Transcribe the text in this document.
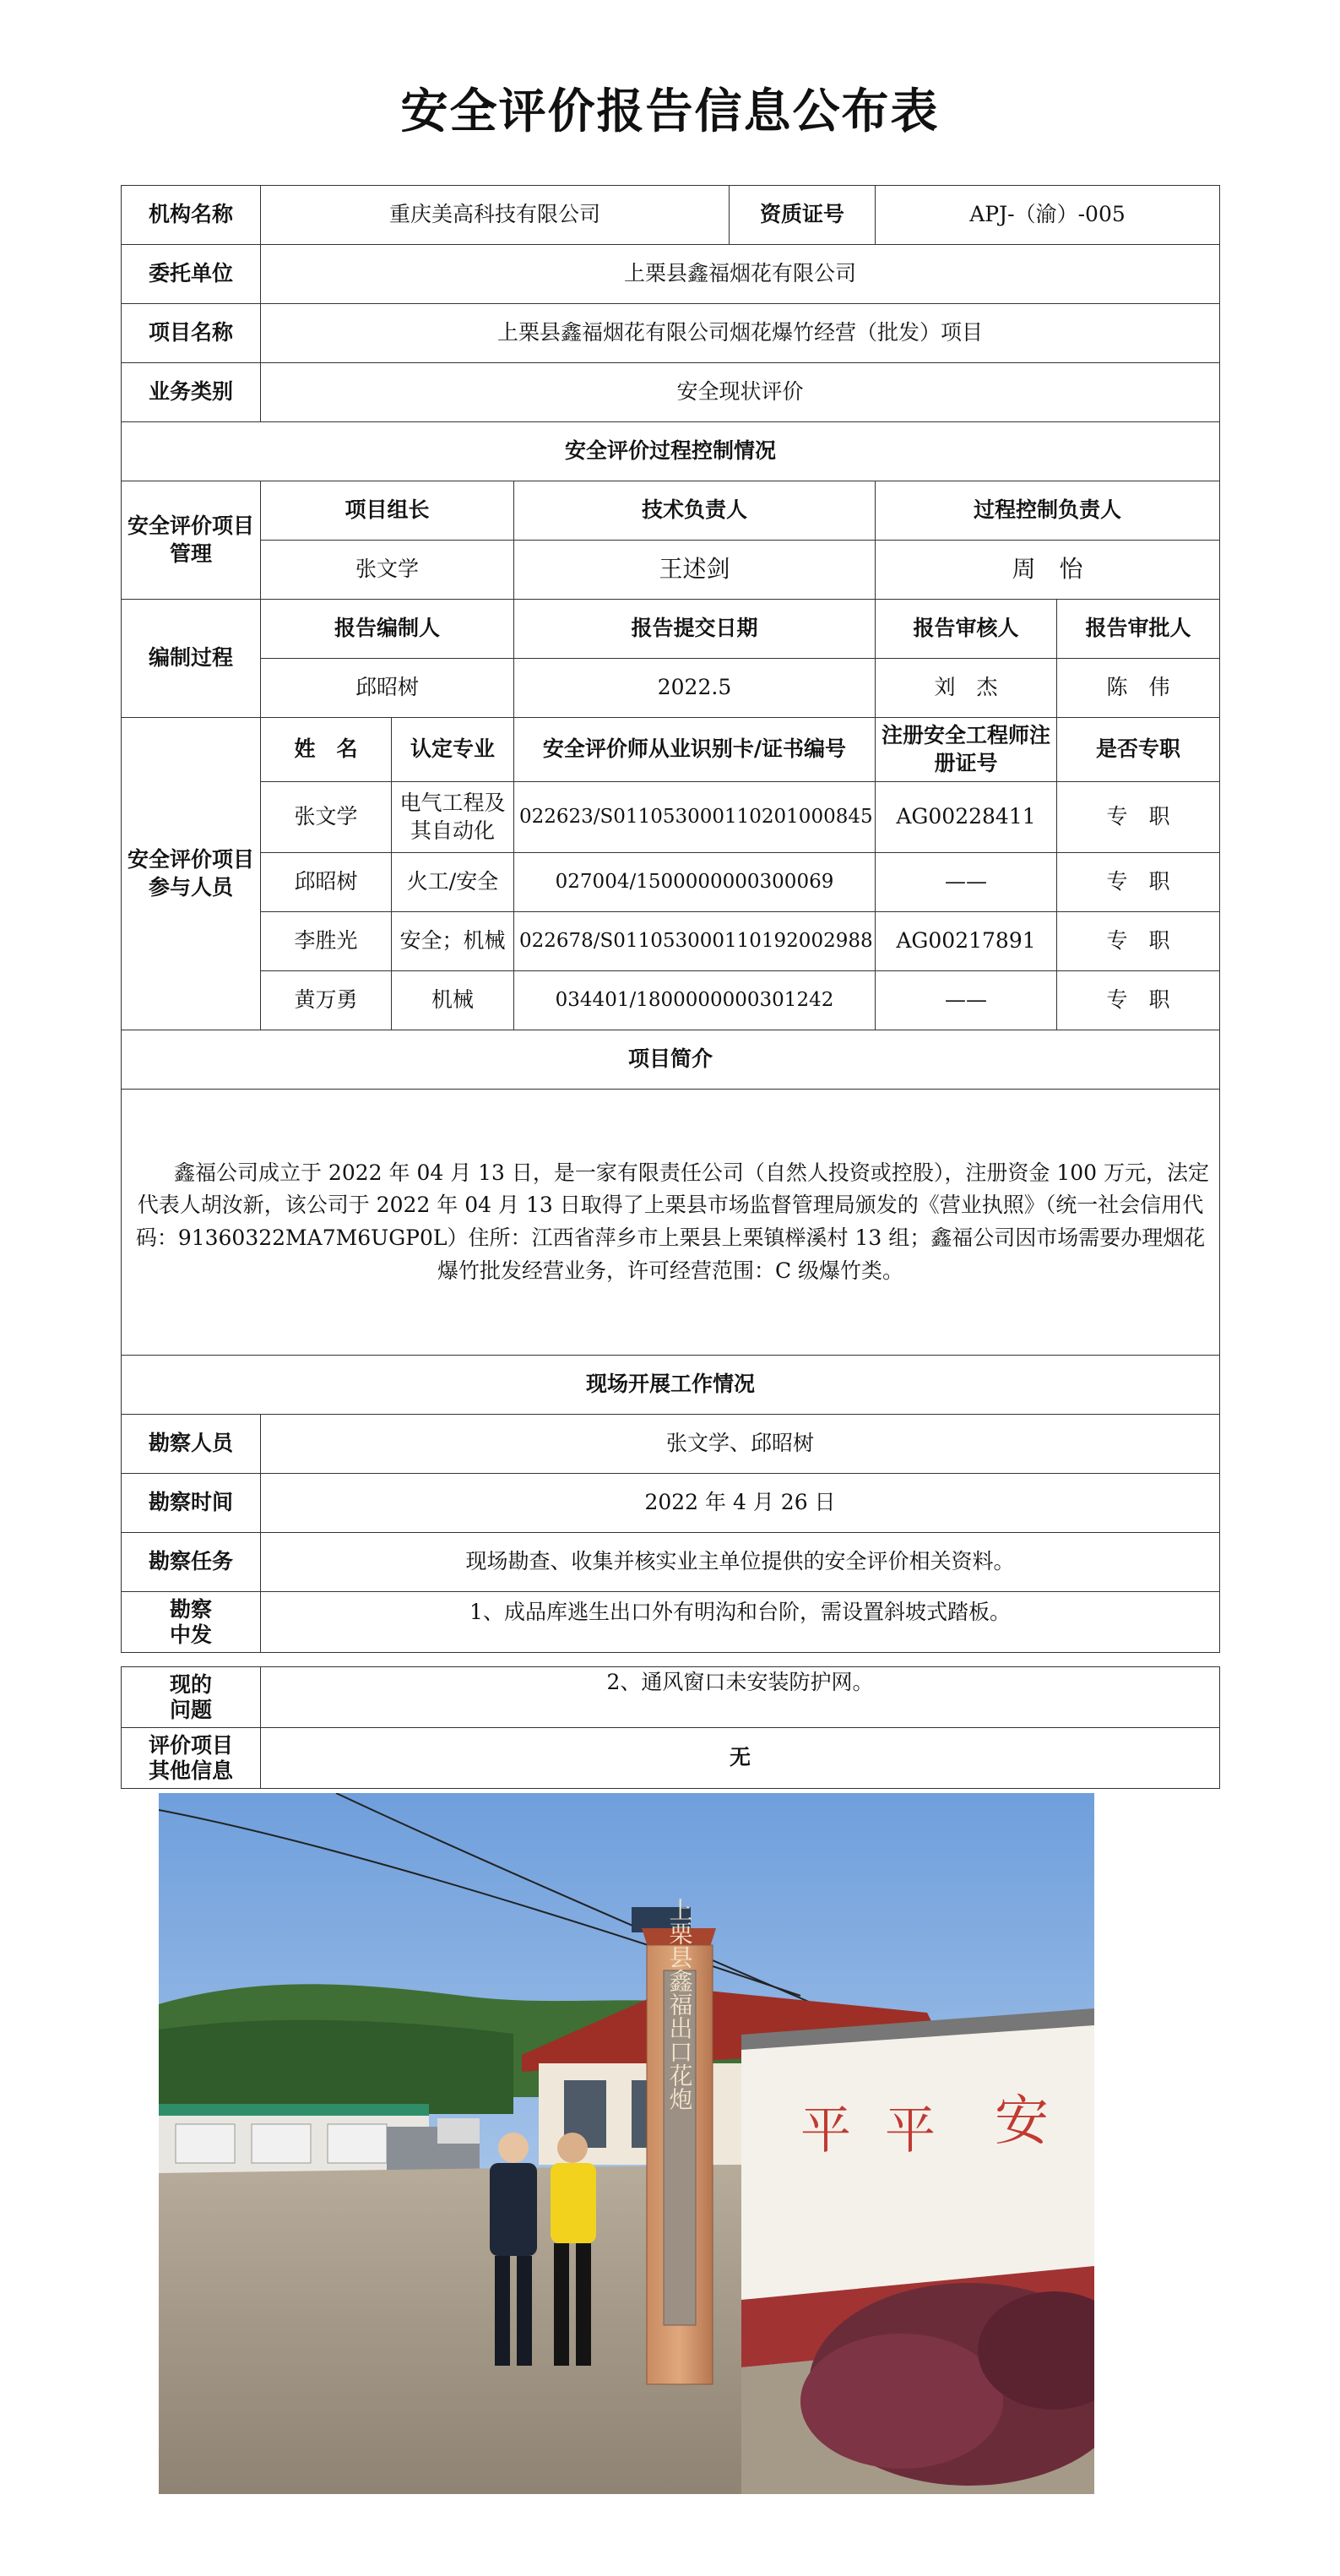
安全评价报告信息公布表
机构名称	重庆美高科技有限公司			资质证号	APJ-（渝）-005	
委托单位	上栗县鑫福烟花有限公司					
项目名称	上栗县鑫福烟花有限公司烟花爆竹经营（批发）项目					
业务类别	安全现状评价					
安全评价过程控制情况						
安全评价项目管理	项目组长		技术负责人		过程控制负责人	
	张文学		王述剑		周　怡	
编制过程	报告编制人		报告提交日期		报告审核人	报告审批人
	邱昭树		2022.5		刘　杰	陈　伟
安全评价项目参与人员	姓　名	认定专业	安全评价师从业识别卡/证书编号		注册安全工程师注册证号	是否专职
	张文学	电气工程及其自动化	022623/S011053000110201000845		AG00228411	专　职
	邱昭树	火工/安全	027004/1500000000300069		——	专　职
	李胜光	安全；机械	022678/S011053000110192002988		AG00217891	专　职
	黄万勇	机械	034401/1800000000301242		——	专　职
项目简介						

鑫福公司成立于 2022 年 04 月 13 日，是一家有限责任公司（自然人投资或控股），注册资金 100 万元，法定代表人胡汝新，该公司于 2022 年 04 月 13 日取得了上栗县市场监督管理局颁发的《营业执照》（统一社会信用代码：91360322MA7M6UGP0L）住所：江西省萍乡市上栗县上栗镇榉溪村 13 组；鑫福公司因市场需要办理烟花爆竹批发经营业务，许可经营范围：C 级爆竹类。						

现场开展工作情况						
勘察人员	张文学、邱昭树					
勘察时间	2022 年 4 月 26 日					
勘察任务	现场勘查、收集并核实业主单位提供的安全评价相关资料。					
勘察中发	1、成品库逃生出口外有明沟和台阶，需设置斜坡式踏板。					
现的问题	2、通风窗口未安装防护网。
评价项目其他信息	无
平 平 安
上栗县鑫福出口花炮
